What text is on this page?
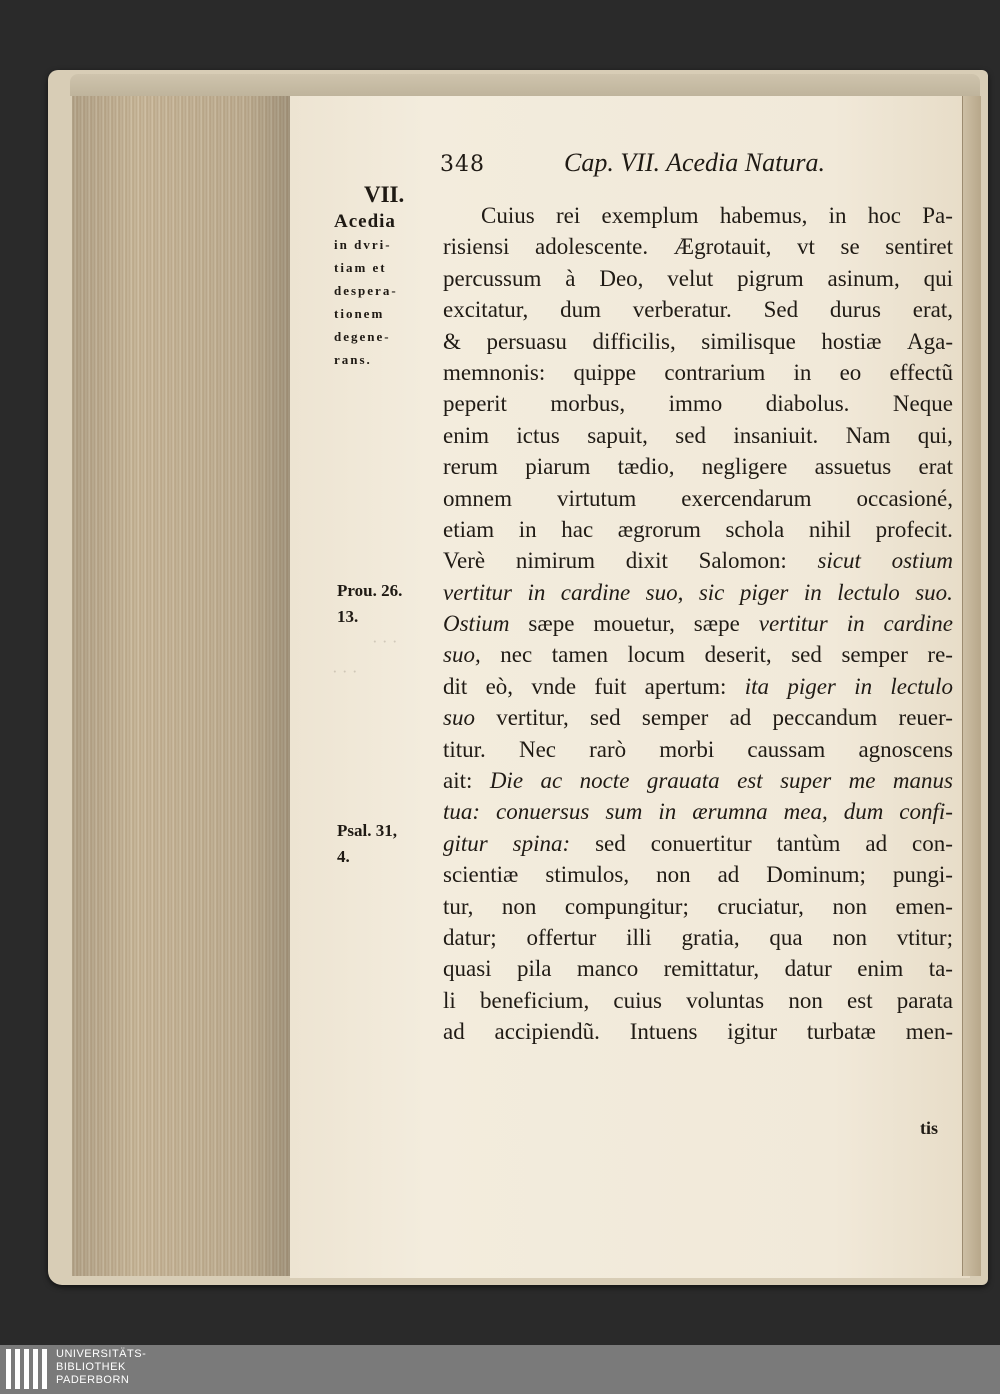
348	Cap. VII. Acedia Natura.
VII.
Acedia
in dvri-
tiam et
despera-
tionem
degene-
rans.
Prou. 26.
13.
Psal. 31,
4.
· · ·
· · ·
Cuius rei exemplum habemus, in hoc Pa-
risiensi adolescente. Ægrotauit, vt se sentiret
percussum à Deo, velut pigrum asinum, qui
excitatur, dum verberatur. Sed durus erat,
& persuasu difficilis, similisque hostiæ Aga-
memnonis: quippe contrarium in eo effectũ
peperit morbus, immo diabolus. Neque
enim ictus sapuit, sed insaniuit. Nam qui,
rerum piarum tædio, negligere assuetus erat
omnem virtutum exercendarum occasioné,
etiam in hac ægrorum schola nihil profecit.
Verè nimirum dixit Salomon: sicut ostium
vertitur in cardine suo, sic piger in lectulo suo.
Ostium sæpe mouetur, sæpe vertitur in cardine
suo, nec tamen locum deserit, sed semper re-
dit eò, vnde fuit apertum: ita piger in lectulo
suo vertitur, sed semper ad peccandum reuer-
titur. Nec rarò morbi caussam agnoscens
ait: Die ac nocte grauata est super me manus
tua: conuersus sum in ærumna mea, dum confi-
gitur spina: sed conuertitur tantùm ad con-
scientiæ stimulos, non ad Dominum; pungi-
tur, non compungitur; cruciatur, non emen-
datur; offertur illi gratia, qua non vtitur;
quasi pila manco remittatur, datur enim ta-
li beneficium, cuius voluntas non est parata
ad accipiendũ. Intuens igitur turbatæ men-
tis
UNIVERSITÄTS-
BIBLIOTHEK
PADERBORN
